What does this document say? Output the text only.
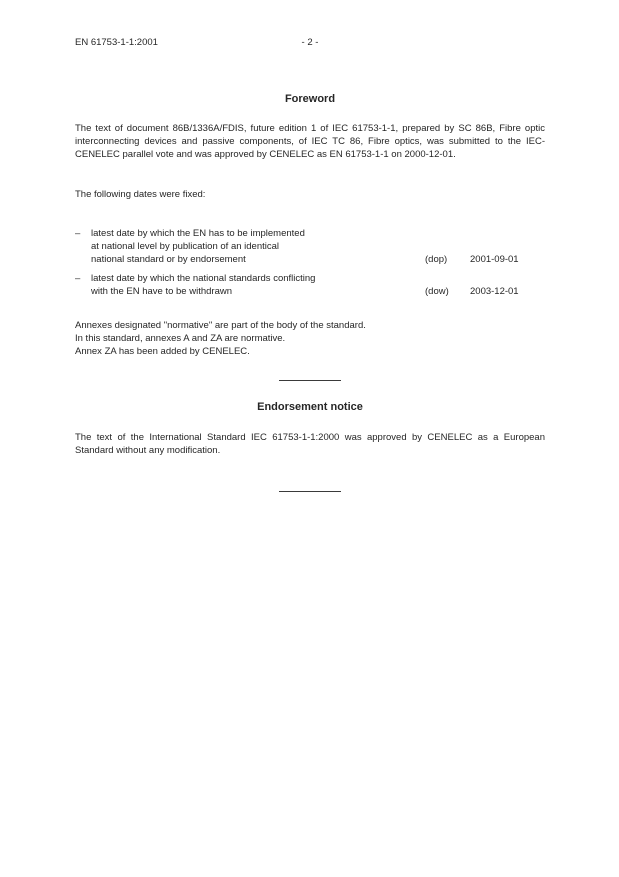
EN 61753-1-1:2001	- 2 -
Foreword

The text of document 86B/1336A/FDIS, future edition 1 of IEC 61753-1-1, prepared by SC 86B, Fibre optic interconnecting devices and passive components, of IEC TC 86, Fibre optics, was submitted to the IEC-CENELEC parallel vote and was approved by CENELEC as EN 61753-1-1 on 2000-12-01.

The following dates were fixed:
–	latest date by which the EN has to be implemented
at national level by publication of an identical
national standard or by endorsement	(dop) 2001-09-01
–	latest date by which the national standards conflicting
with the EN have to be withdrawn	(dow) 2003-12-01
Annexes designated "normative" are part of the body of the standard.
In this standard, annexes A and ZA are normative.
Annex ZA has been added by CENELEC.
Endorsement notice

The text of the International Standard IEC 61753-1-1:2000 was approved by CENELEC as a European Standard without any modification.
